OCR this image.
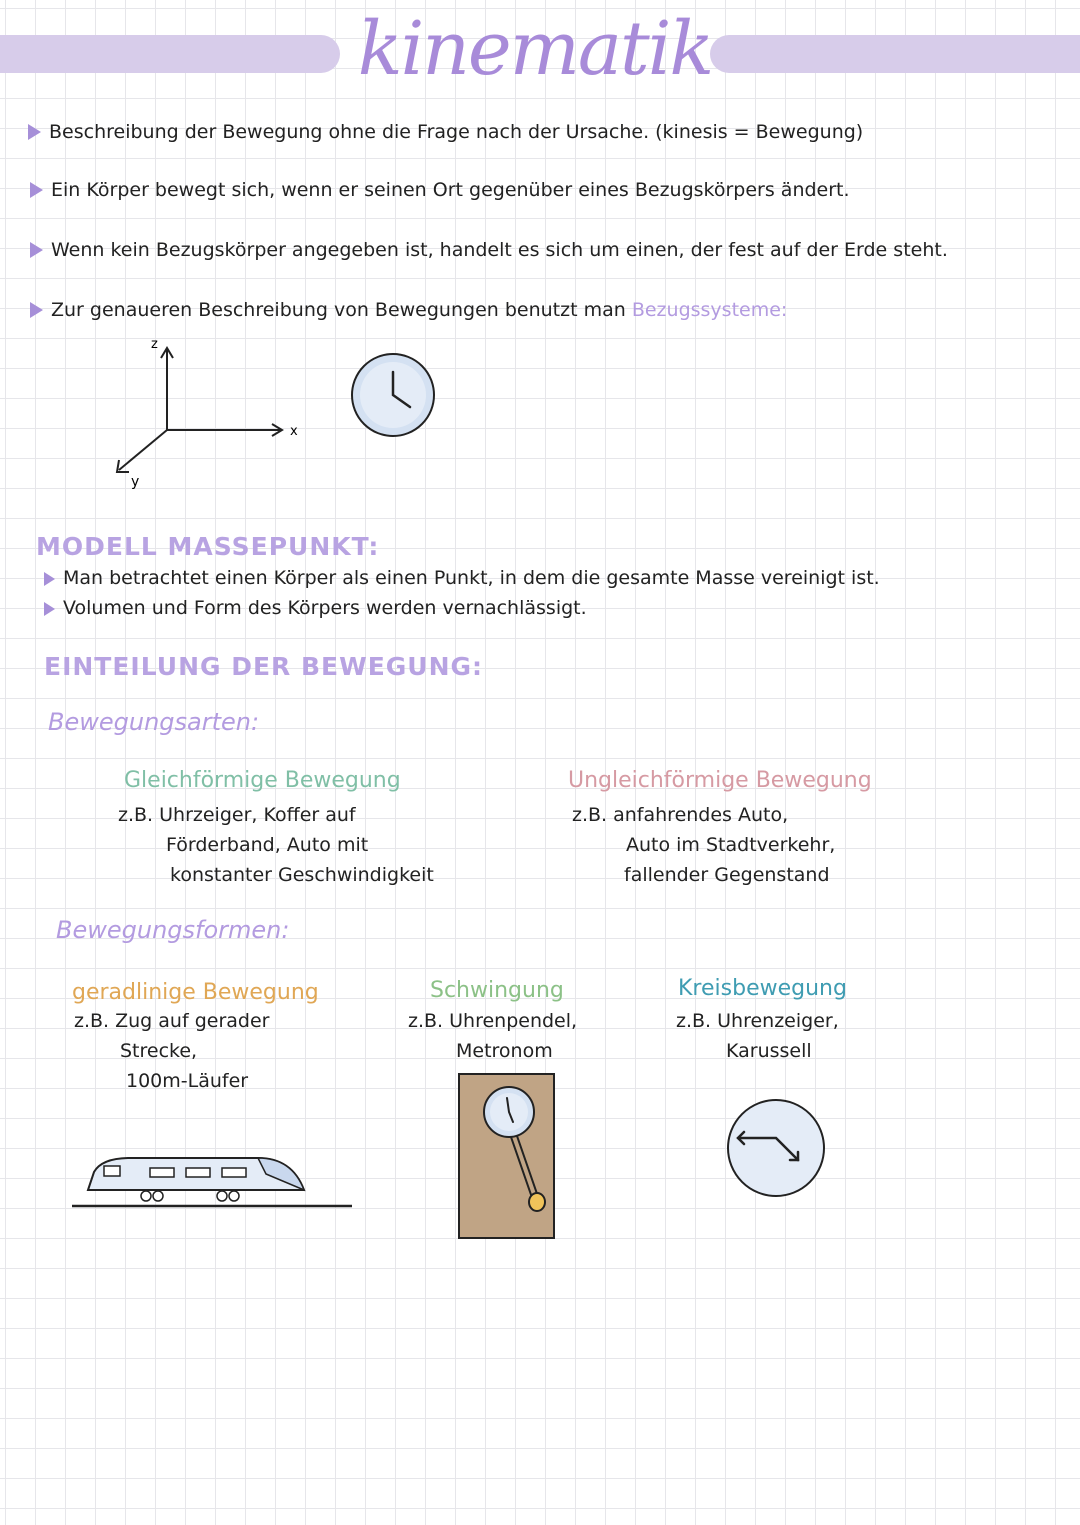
kinematik
Beschreibung der Bewegung ohne die Frage nach der Ursache. (kinesis = Bewegung)
Ein Körper bewegt sich, wenn er seinen Ort gegenüber eines Bezugskörpers ändert.
Wenn kein Bezugskörper angegeben ist, handelt es sich um einen, der fest auf der Erde steht.
Zur genaueren Beschreibung von Bewegungen benutzt man Bezugssysteme:
z
x
y
MODELL MASSEPUNKT:
Man betrachtet einen Körper als einen Punkt, in dem die gesamte Masse vereinigt ist.
Volumen und Form des Körpers werden vernachlässigt.
EINTEILUNG DER BEWEGUNG:
Bewegungsarten:
Gleichförmige Bewegung
z.B. Uhrzeiger, Koffer auf
Förderband, Auto mit
konstanter Geschwindigkeit
Ungleichförmige Bewegung
z.B. anfahrendes Auto,
Auto im Stadtverkehr,
fallender Gegenstand
Bewegungsformen:
geradlinige Bewegung
z.B. Zug auf gerader
Strecke,
100m-Läufer
Schwingung
z.B. Uhrenpendel,
Metronom
Kreisbewegung
z.B. Uhrenzeiger,
Karussell
